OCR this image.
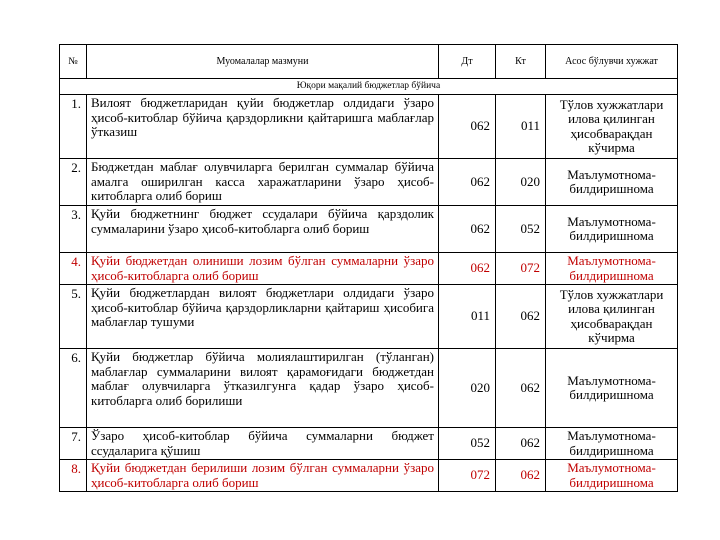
№	Муомалалар мазмуни	Дт	Кт	Асос бўлувчи хужжат
Юқори мақалий бюджетлар бўйича				
1.	Вилоят бюджетларидан қуйи бюджетлар олдидаги ўзаро ҳисоб-китоблар бўйича қарздорликни қайтаришга маблағлар ўтказиш	062	011	Тўлов хужжатлари илова қилинган ҳисобварақдан кўчирма
2.	Бюджетдан маблағ олувчиларга берилган суммалар бўйича амалга оширилган касса харажатларини ўзаро ҳисоб-китобларга олиб бориш	062	020	Маълумотнома-билдиришнома
3.	Қуйи бюджетнинг бюджет ссудалари бўйича қарздолик суммаларини ўзаро ҳисоб-китобларга олиб бориш	062	052	Маълумотнома-билдиришнома
4.	Қуйи бюджетдан олиниши лозим бўлган суммаларни ўзаро ҳисоб-китобларга олиб бориш	062	072	Маълумотнома-билдиришнома
5.	Қуйи бюджетлардан вилоят бюджетлари олдидаги ўзаро ҳисоб-китоблар бўйича қарздорликларни қайтариш ҳисобига маблағлар тушуми	011	062	Тўлов хужжатлари илова қилинган ҳисобварақдан кўчирма
6.	Қуйи бюджетлар бўйича молиялаштирилган (тўланган) маблағлар суммаларини вилоят қарамоғидаги бюджетдан маблағ олувчиларга ўтказилгунга қадар ўзаро ҳисоб-китобларга олиб борилиши	020	062	Маълумотнома-билдиришнома
7.	Ўзаро ҳисоб-китоблар бўйича суммаларни бюджет ссудаларига қўшиш	052	062	Маълумотнома-билдиришнома
8.	Қуйи бюджетдан берилиши лозим бўлган суммаларни ўзаро ҳисоб-китобларга олиб бориш	072	062	Маълумотнома-билдиришнома
